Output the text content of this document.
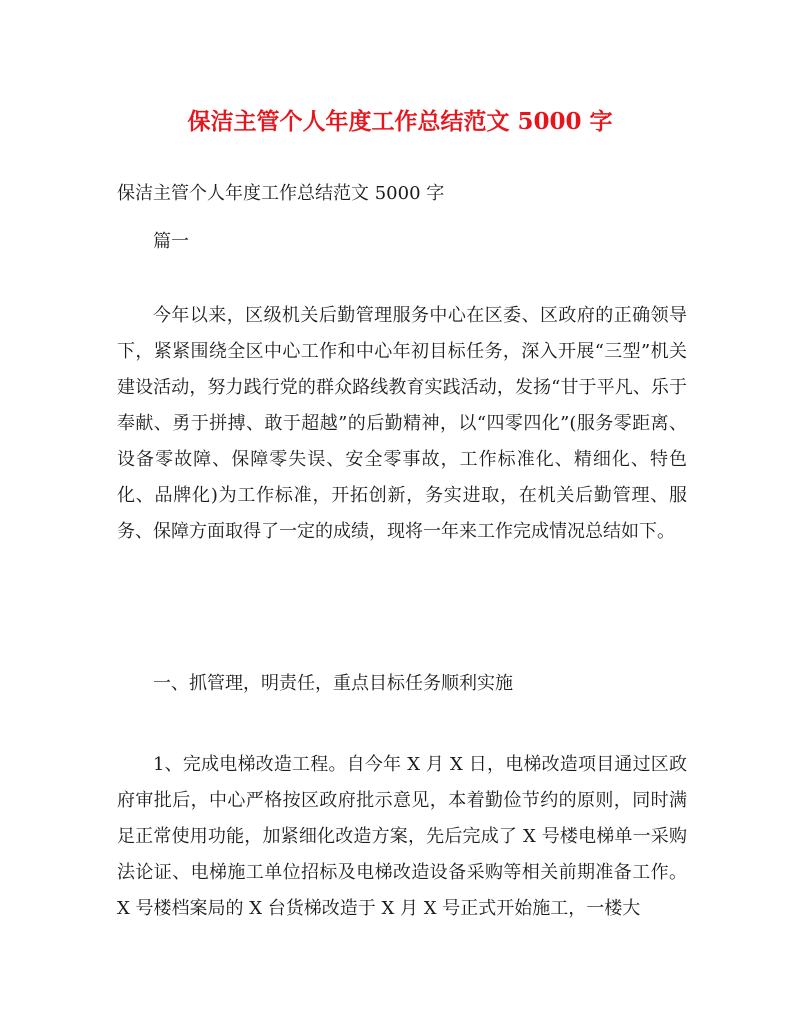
保洁主管个人年度工作总结范文 5000 字

保洁主管个人年度工作总结范文 5000 字

篇一

今年以来，区级机关后勤管理服务中心在区委、区政府的正确领导下，紧紧围绕全区中心工作和中心年初目标任务，深入开展“三型”机关建设活动，努力践行党的群众路线教育实践活动，发扬“甘于平凡、乐于奉献、勇于拼搏、敢于超越”的后勤精神，以“四零四化”(服务零距离、设备零故障、保障零失误、安全零事故，工作标准化、精细化、特色化、品牌化)为工作标准，开拓创新，务实进取，在机关后勤管理、服务、保障方面取得了一定的成绩，现将一年来工作完成情况总结如下。

一、抓管理，明责任，重点目标任务顺利实施

1、完成电梯改造工程。自今年 X 月 X 日，电梯改造项目通过区政府审批后，中心严格按区政府批示意见，本着勤俭节约的原则，同时满足正常使用功能，加紧细化改造方案，先后完成了 X 号楼电梯单一采购法论证、电梯施工单位招标及电梯改造设备采购等相关前期准备工作。X 号楼档案局的 X 台货梯改造于 X 月 X 号正式开始施工，一楼大
